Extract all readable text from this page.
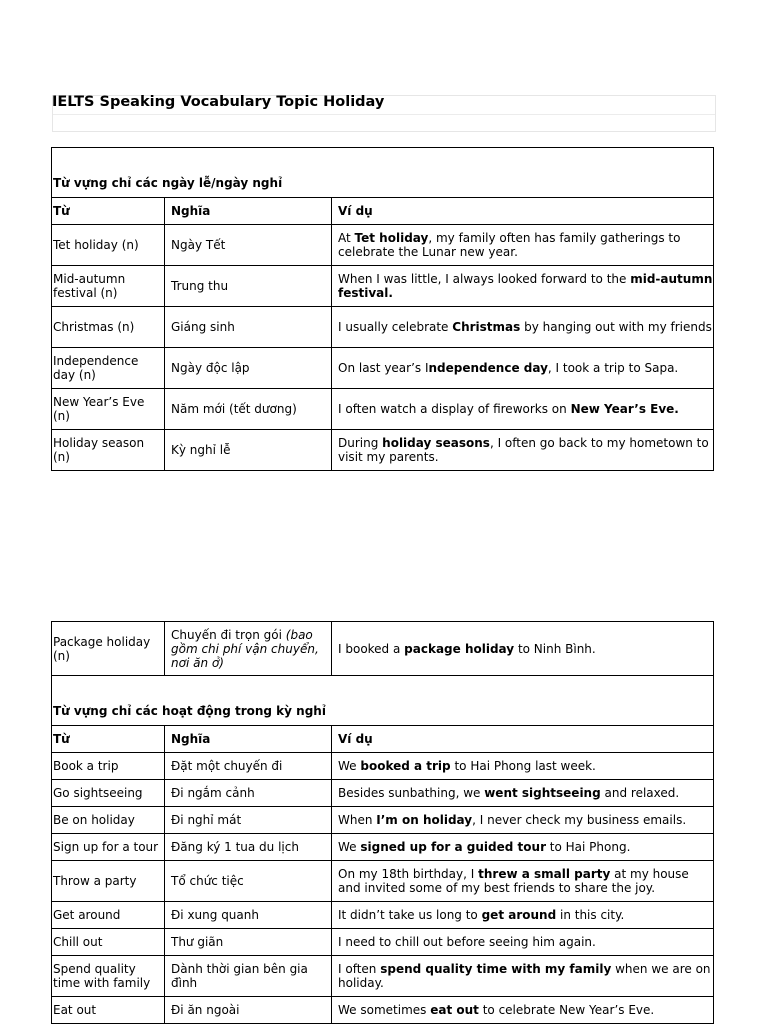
IELTS Speaking Vocabulary Topic Holiday
Từ vựng chỉ các ngày lễ/ngày nghỉ		

Từ	Nghĩa	Ví dụ
Tet holiday (n)	Ngày Tết	At Tet holiday, my family often has family gatherings to celebrate the Lunar new year.
Mid-autumn festival (n)	Trung thu	When I was little, I always looked forward to the mid-autumn festival.
Christmas (n)	Giáng sinh	I usually celebrate Christmas by hanging out with my friends
Independence day (n)	Ngày độc lập	On last year’s Independence day, I took a trip to Sapa.
New Year’s Eve (n)	Năm mới (tết dương)	I often watch a display of fireworks on New Year’s Eve.
Holiday season (n)	Kỳ nghỉ lễ	During holiday seasons, I often go back to my hometown to visit my parents.
Package holiday (n)	Chuyến đi trọn gói (bao gồm chi phí vận chuyển, nơi ăn ở)	I booked a package holiday to Ninh Bình.

Từ vựng chỉ các hoạt động trong kỳ nghỉ		

Từ	Nghĩa	Ví dụ
Book a trip	Đặt một chuyến đi	We booked a trip to Hai Phong last week.
Go sightseeing	Đi ngắm cảnh	Besides sunbathing, we went sightseeing and relaxed.
Be on holiday	Đi nghỉ mát	When I’m on holiday, I never check my business emails.
Sign up for a tour	Đăng ký 1 tua du lịch	We signed up for a guided tour to Hai Phong.
Throw a party	Tổ chức tiệc	On my 18th birthday, I threw a small party at my house and invited some of my best friends to share the joy.
Get around	Đi xung quanh	It didn’t take us long to get around in this city.
Chill out	Thư giãn	I need to chill out before seeing him again.
Spend quality time with family	Dành thời gian bên gia đình	I often spend quality time with my family when we are on holiday.
Eat out	Đi ăn ngoài	We sometimes eat out to celebrate New Year’s Eve.
